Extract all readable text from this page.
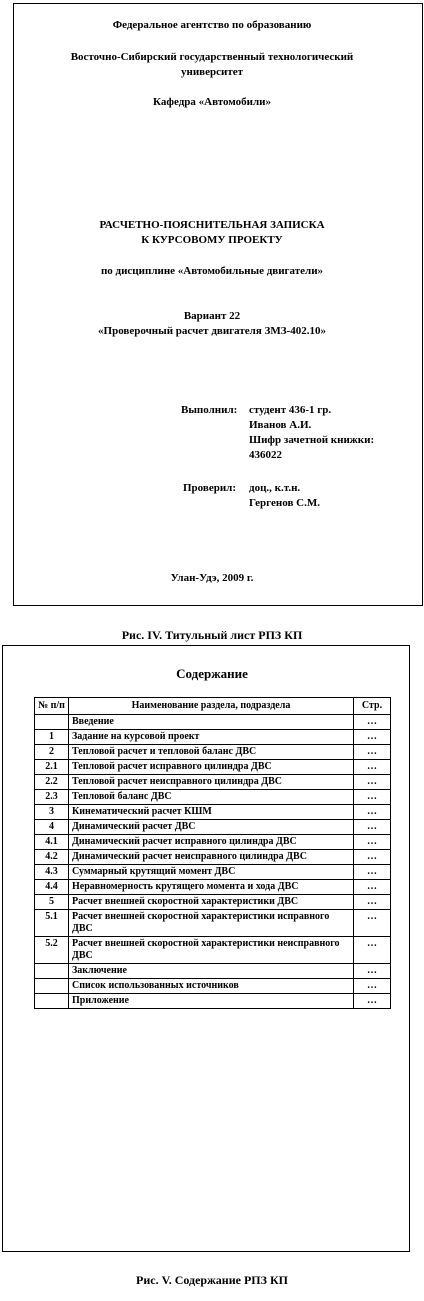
Федеральное агентство по образованию
Восточно-Сибирский государственный технологический
университет
Кафедра «Автомобили»
РАСЧЕТНО-ПОЯСНИТЕЛЬНАЯ ЗАПИСКА
К КУРСОВОМУ ПРОЕКТУ
по дисциплине «Автомобильные двигатели»
Вариант 22
«Проверочный расчет двигателя ЗМЗ-402.10»
Выполнил: студент 436-1 гр.
Иванов А.И.
Шифр зачетной книжки:
436022
Проверил: доц., к.т.н.
Гергенов С.М.
Улан-Удэ, 2009 г.
Рис. IV. Титульный лист РПЗ КП
Содержание
№ п/п	Наименование раздела, подраздела	Стр.
	Введение	…
1	Задание на курсовой проект	…
2	Тепловой расчет и тепловой баланс ДВС	…
2.1	Тепловой расчет исправного цилиндра ДВС	…
2.2	Тепловой расчет неисправного цилиндра ДВС	…
2.3	Тепловой баланс ДВС	…
3	Кинематический расчет КШМ	…
4	Динамический расчет ДВС	…
4.1	Динамический расчет исправного цилиндра ДВС	…
4.2	Динамический расчет неисправного цилиндра ДВС	…
4.3	Суммарный крутящий момент ДВС	…
4.4	Неравномерность крутящего момента и хода ДВС	…
5	Расчет внешней скоростной характеристики ДВС	…
5.1	Расчет внешней скоростной характеристики исправного ДВС	…
5.2	Расчет внешней скоростной характеристики неисправного ДВС	…
	Заключение	…
	Список использованных источников	…
	Приложение	…
Рис. V. Содержание РПЗ КП
